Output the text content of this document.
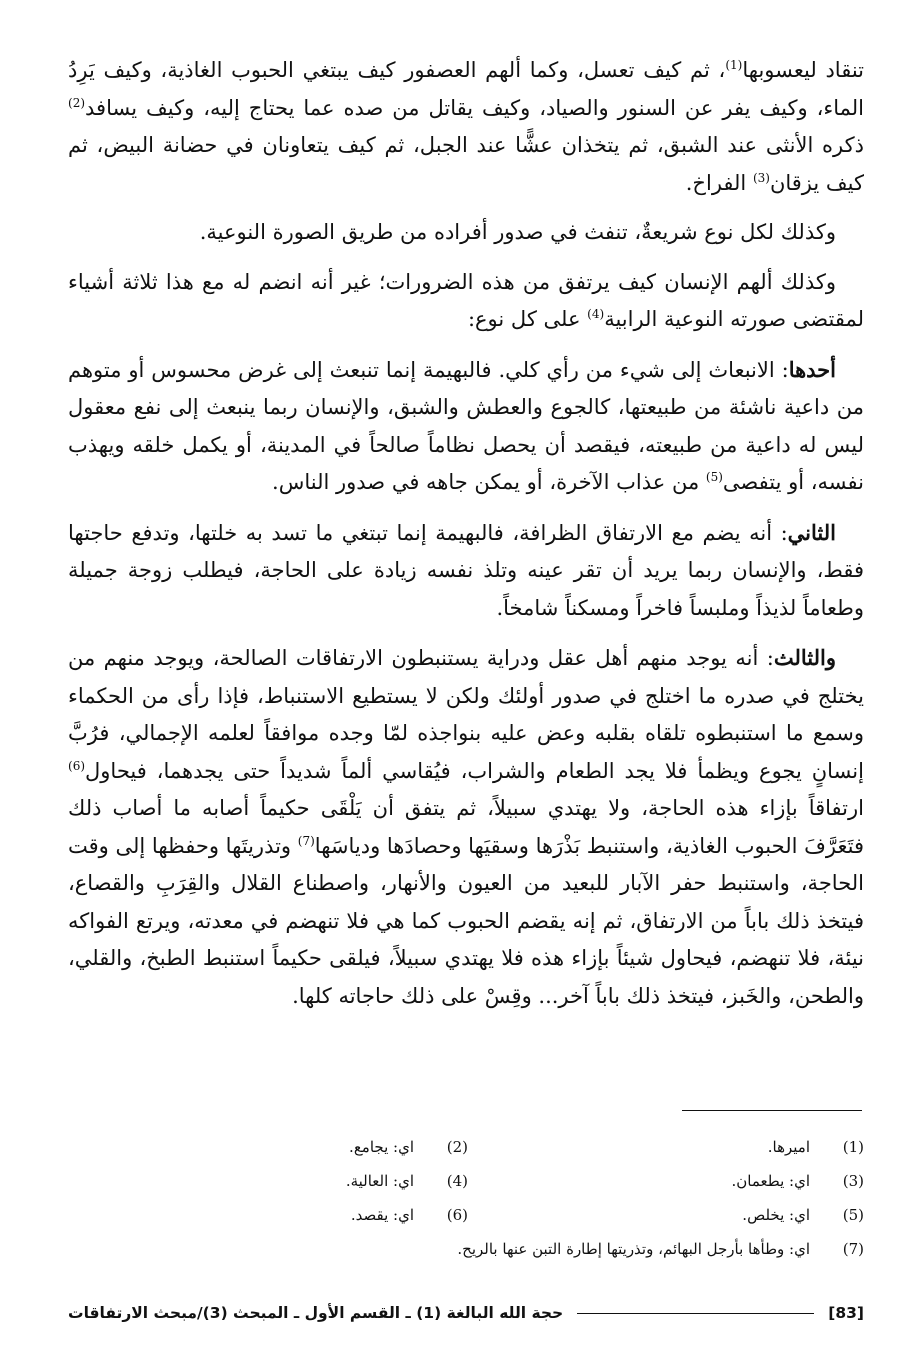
تنقاد ليعسوبها$^{(1)}$، ثم كيف تعسل، وكما ألهم العصفور كيف يبتغي الحبوب الغاذية، وكيف يَرِدُ الماء، وكيف يفر عن السنور والصياد، وكيف يقاتل من صده عما يحتاج إليه، وكيف يسافد$^{(2)}$ ذكره الأنثى عند الشبق، ثم يتخذان عشًّا عند الجبل، ثم كيف يتعاونان في حضانة البيض، ثم كيف يزقان$^{(3)}$ الفراخ.

وكذلك لكل نوع شريعةٌ، تنفث في صدور أفراده من طريق الصورة النوعية.

وكذلك ألهم الإنسان كيف يرتفق من هذه الضرورات؛ غير أنه انضم له مع هذا ثلاثة أشياء لمقتضى صورته النوعية الرابية$^{(4)}$ على كل نوع:

أحدها: الانبعاث إلى شيء من رأي كلي. فالبهيمة إنما تنبعث إلى غرض محسوس أو متوهم من داعية ناشئة من طبيعتها، كالجوع والعطش والشبق، والإنسان ربما ينبعث إلى نفع معقول ليس له داعية من طبيعته، فيقصد أن يحصل نظاماً صالحاً في المدينة، أو يكمل خلقه ويهذب نفسه، أو يتفصى$^{(5)}$ من عذاب الآخرة، أو يمكن جاهه في صدور الناس.

الثاني: أنه يضم مع الارتفاق الظرافة، فالبهيمة إنما تبتغي ما تسد به خلتها، وتدفع حاجتها فقط، والإنسان ربما يريد أن تقر عينه وتلذ نفسه زيادة على الحاجة، فيطلب زوجة جميلة وطعاماً لذيذاً وملبساً فاخراً ومسكناً شامخاً.

والثالث: أنه يوجد منهم أهل عقل ودراية يستنبطون الارتفاقات الصالحة، ويوجد منهم من يختلج في صدره ما اختلج في صدور أولئك ولكن لا يستطيع الاستنباط، فإذا رأى من الحكماء وسمع ما استنبطوه تلقاه بقلبه وعض عليه بنواجذه لمّا وجده موافقاً لعلمه الإجمالي، فرُبَّ إنسانٍ يجوع ويظمأ فلا يجد الطعام والشراب، فيُقاسي ألماً شديداً حتى يجدهما، فيحاول$^{(6)}$ ارتفاقاً بإزاء هذه الحاجة، ولا يهتدي سبيلاً، ثم يتفق أن يَلْقَى حكيماً أصابه ما أصاب ذلك فتَعَرَّفَ الحبوب الغاذية، واستنبط بَذْرَها وسقيَها وحصادَها ودياسَها$^{(7)}$ وتذريتَها وحفظها إلى وقت الحاجة، واستنبط حفر الآبار للبعيد من العيون والأنهار، واصطناع القلال والقِرَبِ والقصاع، فيتخذ ذلك باباً من الارتفاق، ثم إنه يقضم الحبوب كما هي فلا تنهضم في معدته، ويرتع الفواكه نيئة، فلا تنهضم، فيحاول شيئاً بإزاء هذه فلا يهتدي سبيلاً، فيلقى حكيماً استنبط الطبخ، والقلي، والطحن، والخَبز، فيتخذ ذلك باباً آخر... وقِسْ على ذلك حاجاته كلها.

(1)
اميرها.
(2)
اي: يجامع.
(3)
اي: يطعمان.
(4)
اي: العالية.
(5)
اي: يخلص.
(6)
اي: يقصد.
(7)
اي: وطأها بأرجل البهائم، وتذريتها إطارة التبن عنها بالريح.
[83]
حجة الله البالغة (1) ـ القسم الأول ـ المبحث (3)/مبحث الارتفاقات
